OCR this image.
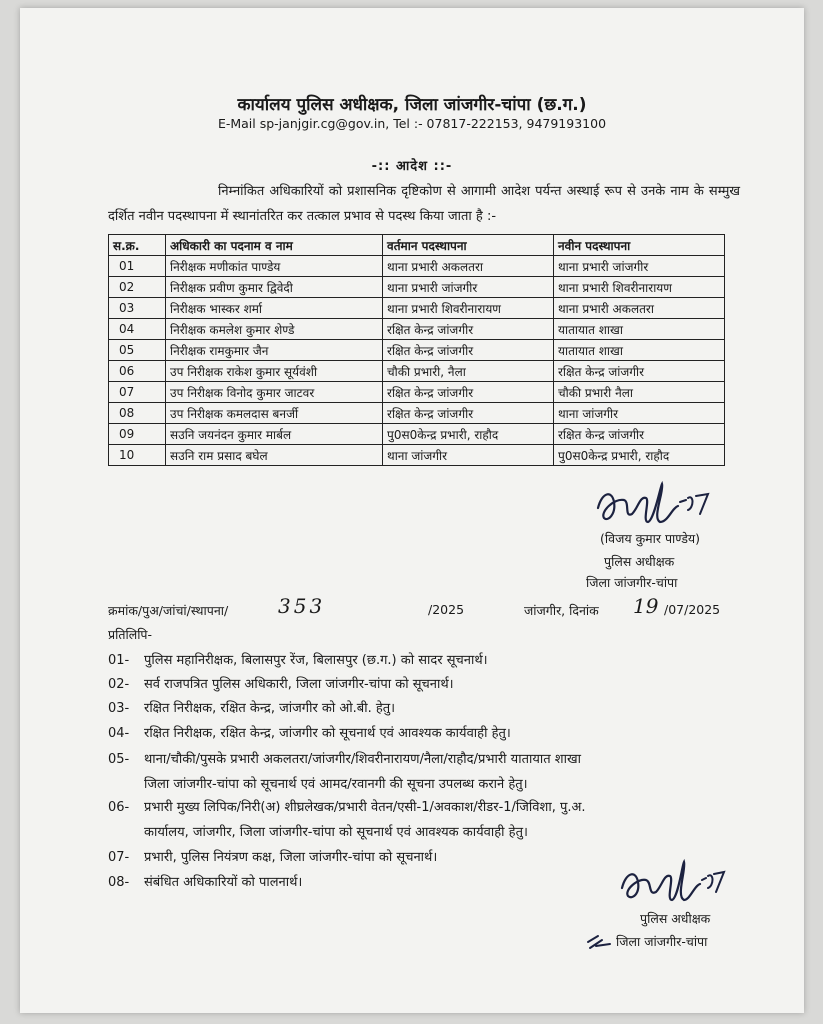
कार्यालय पुलिस अधीक्षक, जिला जांजगीर-चांपा (छ.ग.)
E-Mail sp-janjgir.cg@gov.in, Tel :- 07817-222153, 9479193100
-:: आदेश ::-
निम्नांकित अधिकारियों को प्रशासनिक दृष्टिकोण से आगामी आदेश पर्यन्त अस्थाई रूप से उनके नाम के सम्मुख दर्शित नवीन पदस्थापना में स्थानांतरित कर तत्काल प्रभाव से पदस्थ किया जाता है :-
स.क्र.	अधिकारी का पदनाम व नाम	वर्तमान पदस्थापना	नवीन पदस्थापना
01	निरीक्षक मणीकांत पाण्डेय	थाना प्रभारी अकलतरा	थाना प्रभारी जांजगीर
02	निरीक्षक प्रवीण कुमार द्विवेदी	थाना प्रभारी जांजगीर	थाना प्रभारी शिवरीनारायण
03	निरीक्षक भास्कर शर्मा	थाना प्रभारी शिवरीनारायण	थाना प्रभारी अकलतरा
04	निरीक्षक कमलेश कुमार शेण्डे	रक्षित केन्द्र जांजगीर	यातायात शाखा
05	निरीक्षक रामकुमार जैन	रक्षित केन्द्र जांजगीर	यातायात शाखा
06	उप निरीक्षक राकेश कुमार सूर्यवंशी	चौकी प्रभारी, नैला	रक्षित केन्द्र जांजगीर
07	उप निरीक्षक विनोद कुमार जाटवर	रक्षित केन्द्र जांजगीर	चौकी प्रभारी नैला
08	उप निरीक्षक कमलदास बनर्जी	रक्षित केन्द्र जांजगीर	थाना जांजगीर
09	सउनि जयनंदन कुमार मार्बल	पु0स0केन्द्र प्रभारी, राहौद	रक्षित केन्द्र जांजगीर
10	सउनि राम प्रसाद बघेल	थाना जांजगीर	पु0स0केन्द्र प्रभारी, राहौद
(विजय कुमार पाण्डेय)
पुलिस अधीक्षक
जिला जांजगीर-चांपा
क्रमांक/पुअ/जांचां/स्थापना/ 353	/2025	जांजगीर, दिनांक 19 /07/2025
प्रतिलिपि-
01- पुलिस महानिरीक्षक, बिलासपुर रेंज, बिलासपुर (छ.ग.) को सादर सूचनार्थ।
02- सर्व राजपत्रित पुलिस अधिकारी, जिला जांजगीर-चांपा को सूचनार्थ।
03- रक्षित निरीक्षक, रक्षित केन्द्र, जांजगीर को ओ.बी. हेतु।
04- रक्षित निरीक्षक, रक्षित केन्द्र, जांजगीर को सूचनार्थ एवं आवश्यक कार्यवाही हेतु।
05- थाना/चौकी/पुसके प्रभारी अकलतरा/जांजगीर/शिवरीनारायण/नैला/राहौद/प्रभारी यातायात शाखा
जिला जांजगीर-चांपा को सूचनार्थ एवं आमद/रवानगी की सूचना उपलब्ध कराने हेतु।
06- प्रभारी मुख्य लिपिक/निरी(अ) शीघ्रलेखक/प्रभारी वेतन/एसी-1/अवकाश/रीडर-1/जिविशा, पु.अ.
कार्यालय, जांजगीर, जिला जांजगीर-चांपा को सूचनार्थ एवं आवश्यक कार्यवाही हेतु।
07- प्रभारी, पुलिस नियंत्रण कक्ष, जिला जांजगीर-चांपा को सूचनार्थ।
08- संबंधित अधिकारियों को पालनार्थ।
पुलिस अधीक्षक
जिला जांजगीर-चांपा
